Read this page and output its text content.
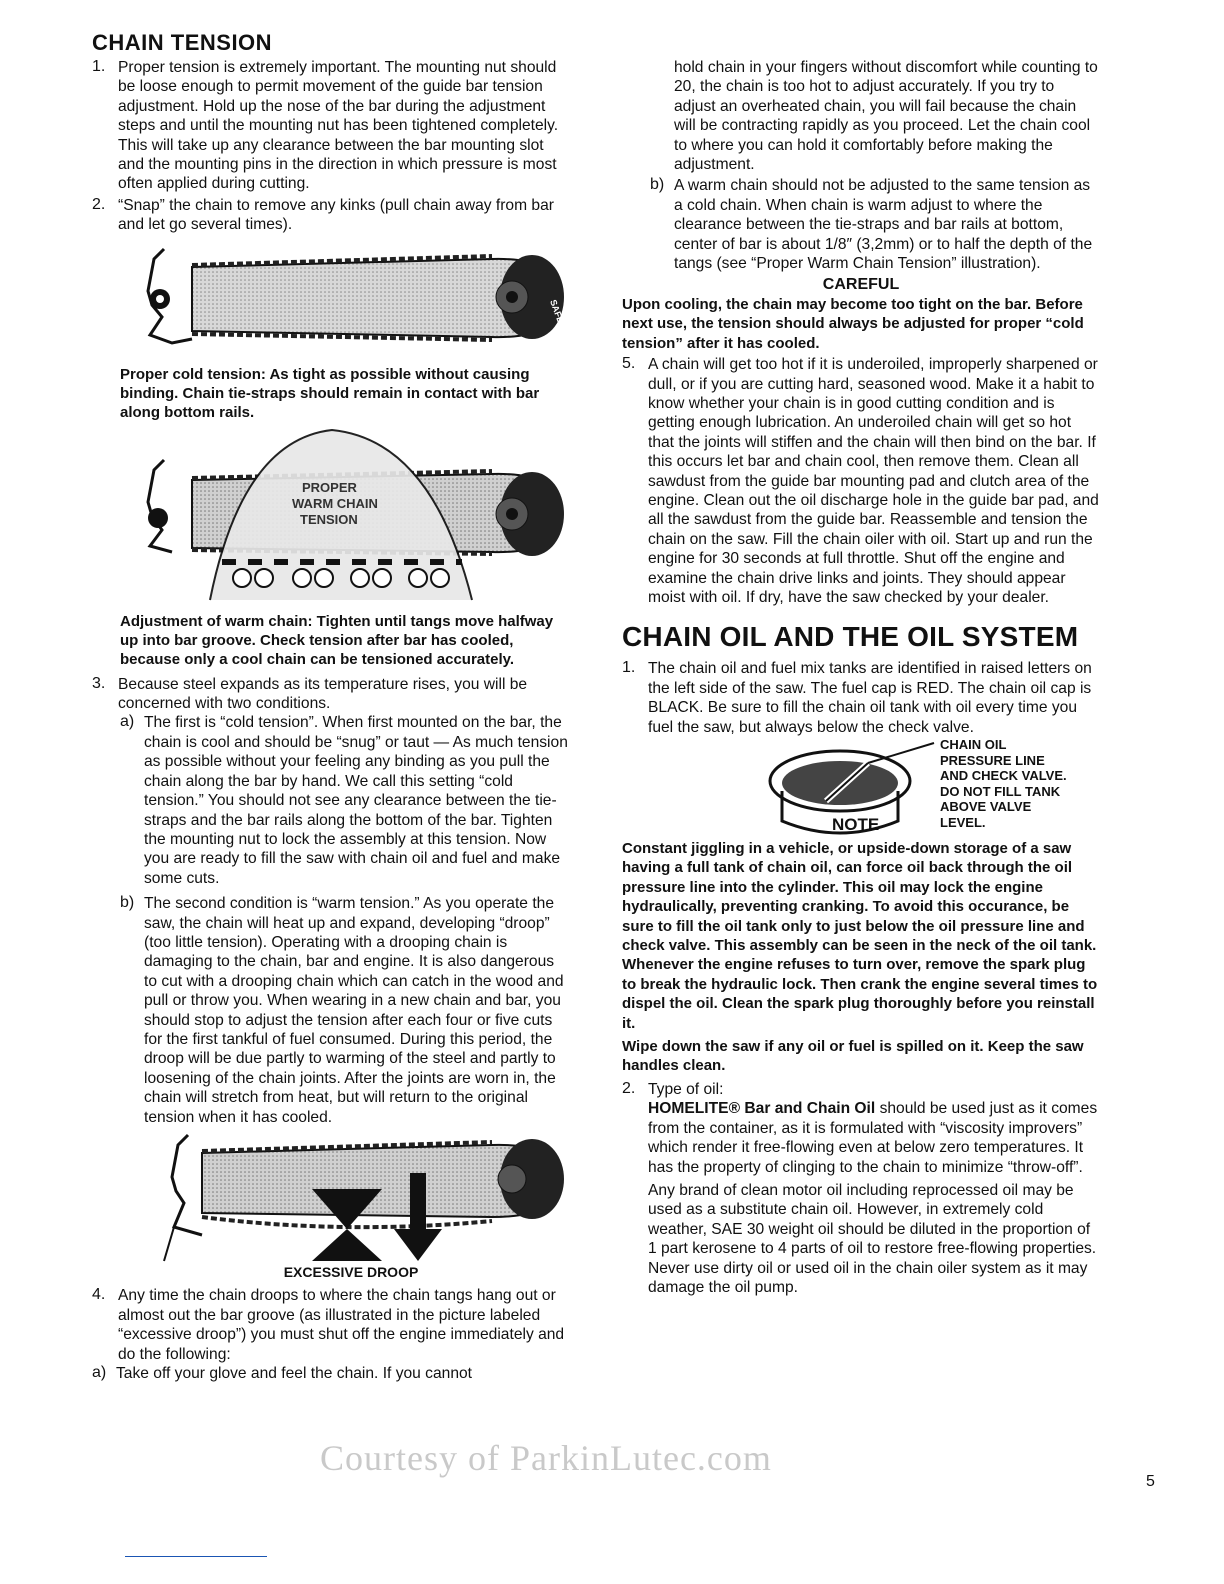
CHAIN TENSION
1. Proper tension is extremely important. The mounting nut should be loose enough to permit movement of the guide bar tension adjustment. Hold up the nose of the bar during the adjustment steps and until the mounting nut has been tightened completely. This will take up any clearance between the bar mounting slot and the mounting pins in the direction in which pressure is most often applied during cutting.

2. “Snap” the chain to remove any kinks (pull chain away from bar and let go several times).

SAFE-T-TIP

Proper cold tension: As tight as possible without causing binding. Chain tie-straps should remain in contact with bar along bottom rails.

PROPER
WARM CHAIN
TENSION

Adjustment of warm chain: Tighten until tangs move halfway up into bar groove. Check tension after bar has cooled, because only a cool chain can be tensioned accurately.

3. Because steel expands as its temperature rises, you will be concerned with two conditions.

a) The first is “cold tension”. When first mounted on the bar, the chain is cool and should be “snug” or taut — As much tension as possible without your feeling any binding as you pull the chain along the bar by hand. We call this setting “cold tension.” You should not see any clearance between the tie-straps and the bar rails along the bottom of the bar. Tighten the mounting nut to lock the assembly at this tension. Now you are ready to fill the saw with chain oil and fuel and make some cuts.

b) The second condition is “warm tension.” As you operate the saw, the chain will heat up and expand, developing “droop” (too little tension). Operating with a drooping chain is damaging to the chain, bar and engine. It is also dangerous to cut with a drooping chain which can catch in the wood and pull or throw you. When wearing in a new chain and bar, you should stop to adjust the tension after each four or five cuts for the first tankful of fuel consumed. During this period, the droop will be due partly to warming of the steel and partly to loosening of the chain joints. After the joints are worn in, the chain will stretch from heat, but will return to the original tension when it has cooled.

EXCESSIVE DROOP

4. Any time the chain droops to where the chain tangs hang out or almost out the bar groove (as illustrated in the picture labeled “excessive droop”) you must shut off the engine immediately and do the following:

a) Take off your glove and feel the chain. If you cannot

hold chain in your fingers without discomfort while counting to 20, the chain is too hot to adjust accurately. If you try to adjust an overheated chain, you will fail because the chain will be contracting rapidly as you proceed. Let the chain cool to where you can hold it comfortably before making the adjustment.

b) A warm chain should not be adjusted to the same tension as a cold chain. When chain is warm adjust to where the clearance between the tie-straps and bar rails at bottom, center of bar is about 1/8″ (3,2mm) or to half the depth of the tangs (see “Proper Warm Chain Tension” illustration).

CAREFUL

Upon cooling, the chain may become too tight on the bar. Before next use, the tension should always be adjusted for proper “cold tension” after it has cooled.

5. A chain will get too hot if it is underoiled, improperly sharpened or dull, or if you are cutting hard, seasoned wood. Make it a habit to know whether your chain is in good cutting condition and is getting enough lubrication. An underoiled chain will get so hot that the joints will stiffen and the chain will then bind on the bar. If this occurs let bar and chain cool, then remove them. Clean all sawdust from the guide bar mounting pad and clutch area of the engine. Clean out the oil discharge hole in the guide bar pad, and all the sawdust from the guide bar. Reassemble and tension the chain on the saw. Fill the chain oiler with oil. Start up and run the engine for 30 seconds at full throttle. Shut off the engine and examine the chain drive links and joints. They should appear moist with oil. If dry, have the saw checked by your dealer.

CHAIN OIL AND THE OIL SYSTEM
1. The chain oil and fuel mix tanks are identified in raised letters on the left side of the saw. The fuel cap is RED. The chain oil cap is BLACK. Be sure to fill the chain oil tank with oil every time you fuel the saw, but always below the check valve.

CHAIN OIL
PRESSURE LINE
AND CHECK VALVE.
DO NOT FILL TANK
ABOVE VALVE
LEVEL.
NOTE

Constant jiggling in a vehicle, or upside-down storage of a saw having a full tank of chain oil, can force oil back through the oil pressure line into the cylinder. This oil may lock the engine hydraulically, preventing cranking. To avoid this occurance, be sure to fill the oil tank only to just below the oil pressure line and check valve. This assembly can be seen in the neck of the oil tank. Whenever the engine refuses to turn over, remove the spark plug to break the hydraulic lock. Then crank the engine several times to dispel the oil. Clean the spark plug thoroughly before you reinstall it.

Wipe down the saw if any oil or fuel is spilled on it. Keep the saw handles clean.

2. Type of oil:

HOMELITE® Bar and Chain Oil should be used just as it comes from the container, as it is formulated with “viscosity improvers” which render it free-flowing even at below zero temperatures. It has the property of clinging to the chain to minimize “throw-off”.

Any brand of clean motor oil including reprocessed oil may be used as a substitute chain oil. However, in extremely cold weather, SAE 30 weight oil should be diluted in the proportion of 1 part kerosene to 4 parts of oil to restore free-flowing properties. Never use dirty oil or used oil in the chain oiler system as it may damage the oil pump.

Courtesy of ParkinLutec.com
5
